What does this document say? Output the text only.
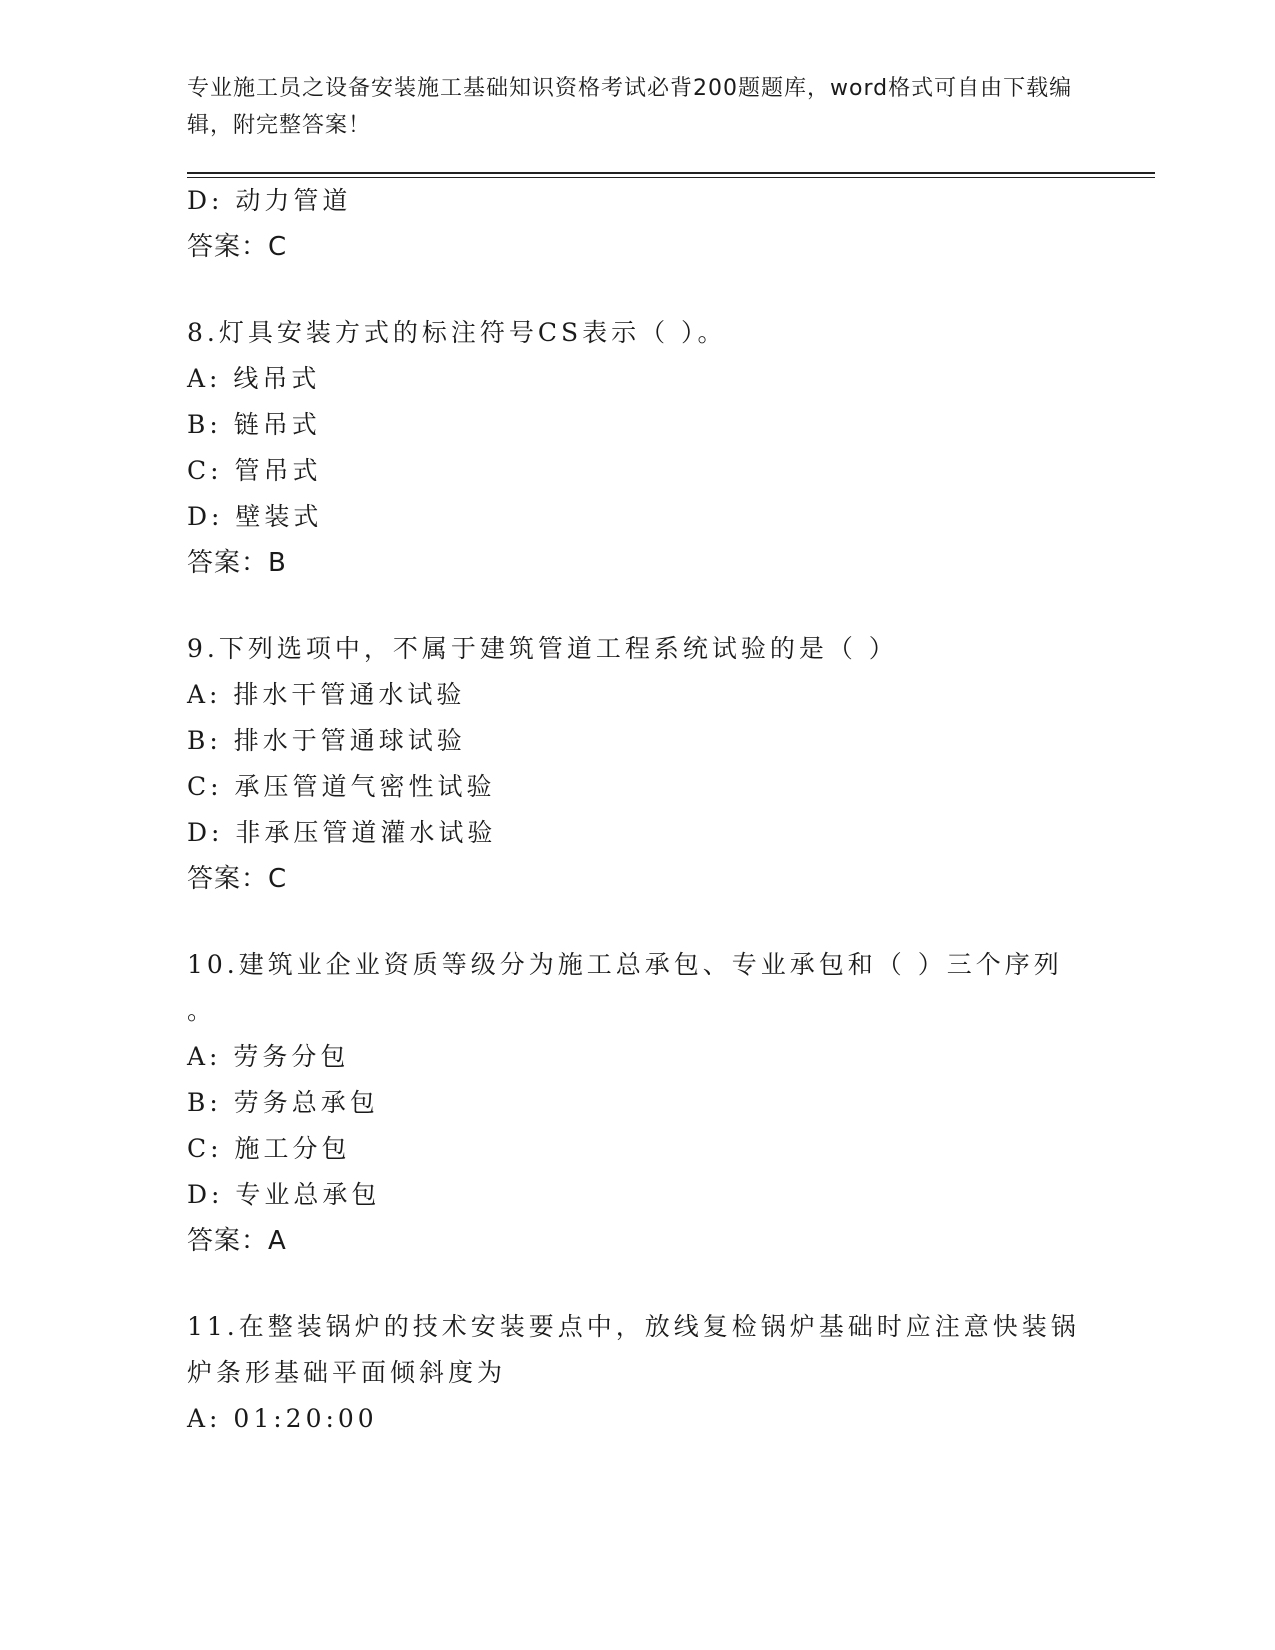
专业施工员之设备安装施工基础知识资格考试必背200题题库，word格式可自由下载编辑，附完整答案！
D: 动力管道
答案：C
8.灯具安装方式的标注符号CS表示（ ）。
A: 线吊式
B: 链吊式
C: 管吊式
D: 壁装式
答案：B
9.下列选项中，不属于建筑管道工程系统试验的是（ ）
A: 排水干管通水试验
B: 排水于管通球试验
C: 承压管道气密性试验
D: 非承压管道灌水试验
答案：C
10.建筑业企业资质等级分为施工总承包、专业承包和（ ）三个序列
。
A: 劳务分包
B: 劳务总承包
C: 施工分包
D: 专业总承包
答案：A
11.在整装锅炉的技术安装要点中，放线复检锅炉基础时应注意快装锅
炉条形基础平面倾斜度为
A: 01:20:00
